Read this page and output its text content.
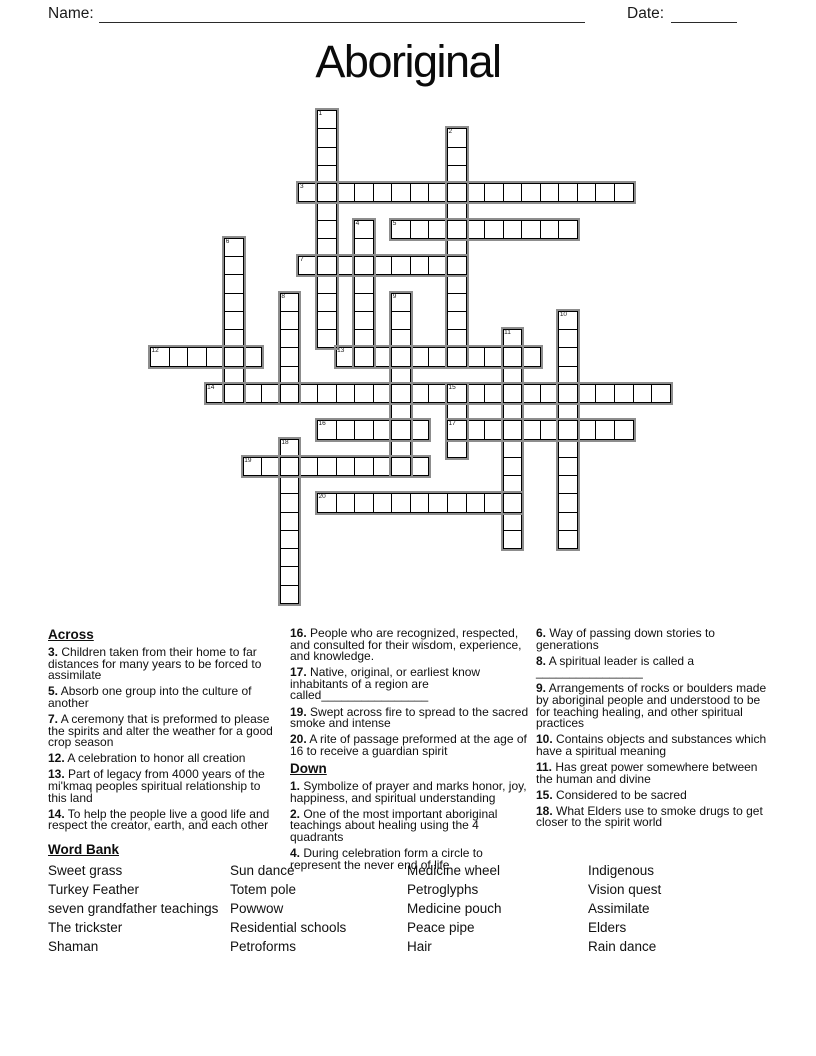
Name:	Date:
Aboriginal
1
2
3
4	5
6
7
8	9
10
11
12	13
14	15
16	17
18
19
20
Across
3. Children taken from their home to far distances for many years to be forced to assimilate
5. Absorb one group into the culture of another
7. A ceremony that is preformed to please the spirits and alter the weather for a good crop season
12. A celebration to honor all creation
13. Part of legacy from 4000 years of the mi'kmaq peoples spiritual relationship to this land
14. To help the people live a good life and respect the creator, earth, and each other
16. People who are recognized, respected, and consulted for their wisdom, experience, and knowledge.
17. Native, original, or earliest know inhabitants of a region are called________________
19. Swept across fire to spread to the sacred smoke and intense
20. A rite of passage preformed at the age of 16 to receive a guardian spirit
Down
1. Symbolize of prayer and marks honor, joy, happiness, and spiritual understanding
2. One of the most important aboriginal teachings about healing using the 4 quadrants
4. During celebration form a circle to represent the never end of life
6. Way of passing down stories to generations
8. A spiritual leader is called a ________________
9. Arrangements of rocks or boulders made by aboriginal people and understood to be for teaching healing, and other spiritual practices
10. Contains objects and substances which have a spiritual meaning
11. Has great power somewhere between the human and divine
15. Considered to be sacred
18. What Elders use to smoke drugs to get closer to the spirit world
Word Bank
Sweet grass
Turkey Feather
seven grandfather teachings
The trickster
Shaman
Sun dance
Totem pole
Powwow
Residential schools
Petroforms
Medicine wheel
Petroglyphs
Medicine pouch
Peace pipe
Hair
Indigenous
Vision quest
Assimilate
Elders
Rain dance
